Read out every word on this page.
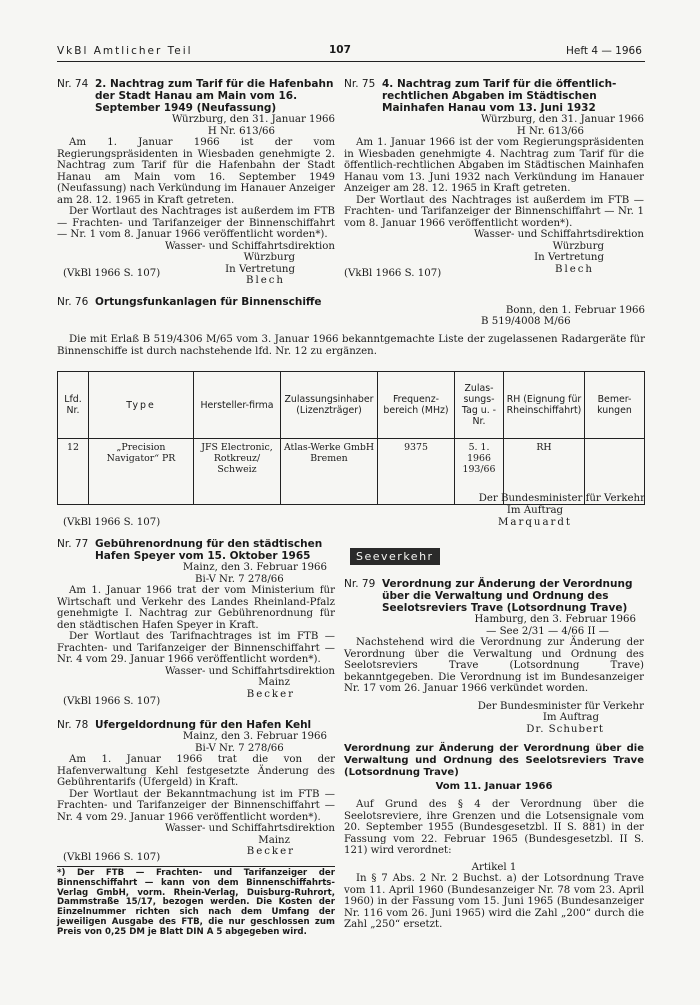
VkBl Amtlicher Teil	107	Heft 4 — 1966
Nr. 74 2. Nachtrag zum Tarif für die Hafenbahn der Stadt Hanau am Main vom 16. September 1949 (Neufassung)

Würzburg, den 31. Januar 1966

H Nr. 613/66

Am 1. Januar 1966 ist der vom Regierungspräsidenten in Wiesbaden genehmigte 2. Nachtrag zum Tarif für die Hafenbahn der Stadt Hanau am Main vom 16. September 1949 (Neufassung) nach Verkündung im Hanauer Anzeiger am 28. 12. 1965 in Kraft getreten.

Der Wortlaut des Nachtrages ist außerdem im FTB — Frachten- und Tarifanzeiger der Binnenschiffahrt — Nr. 1 vom 8. Januar 1966 veröffentlicht worden*).

Wasser- und Schiffahrtsdirektion

Würzburg

In Vertretung

Blech

(VkBl 1966 S. 107)
Nr. 75 4. Nachtrag zum Tarif für die öffentlich-rechtlichen Abgaben im Städtischen Mainhafen Hanau vom 13. Juni 1932

Würzburg, den 31. Januar 1966

H Nr. 613/66

Am 1. Januar 1966 ist der vom Regierungspräsidenten in Wiesbaden genehmigte 4. Nachtrag zum Tarif für die öffentlich-rechtlichen Abgaben im Städtischen Mainhafen Hanau vom 13. Juni 1932 nach Verkündung im Hanauer Anzeiger am 28. 12. 1965 in Kraft getreten.

Der Wortlaut des Nachtrages ist außerdem im FTB — Frachten- und Tarifanzeiger der Binnenschiffahrt — Nr. 1 vom 8. Januar 1966 veröffentlicht worden*).

Wasser- und Schiffahrtsdirektion

Würzburg

In Vertretung

Blech

(VkBl 1966 S. 107)
Nr. 76 Ortungsfunkanlagen für Binnenschiffe
Bonn, den 1. Februar 1966
B 519/4008 M/66
Die mit Erlaß B 519/4306 M/65 vom 3. Januar 1966 bekanntgemachte Liste der zugelassenen Radargeräte für Binnenschiffe ist durch nachstehende lfd. Nr. 12 zu ergänzen.
Lfd. Nr.	Type	Hersteller-firma	Zulassungsinhaber (Lizenzträger)	Frequenz-bereich (MHz)	Zulas-sungs-Tag u. -Nr.	RH (Eignung für Rheinschiffahrt)	Bemer-kungen
12	„Precision Navigator“ PR	JFS Electronic, Rotkreuz/ Schweiz	Atlas-Werke GmbH Bremen	9375	5. 1. 1966 193/66	RH	
Der Bundesminister für Verkehr
Im Auftrag
Marquardt
(VkBl 1966 S. 107)
Nr. 77 Gebührenordnung für den städtischen Hafen Speyer vom 15. Oktober 1965

Mainz, den 3. Februar 1966

Bi-V Nr. 7 278/66

Am 1. Januar 1966 trat der vom Ministerium für Wirtschaft und Verkehr des Landes Rheinland-Pfalz genehmigte I. Nachtrag zur Gebührenordnung für den städtischen Hafen Speyer in Kraft.

Der Wortlaut des Tarifnachtrages ist im FTB — Frachten- und Tarifanzeiger der Binnenschiffahrt — Nr. 4 vom 29. Januar 1966 veröffentlicht worden*).

Wasser- und Schiffahrtsdirektion

Mainz

Becker

(VkBl 1966 S. 107)
Nr. 78 Ufergeldordnung für den Hafen Kehl

Mainz, den 3. Februar 1966

Bi-V Nr. 7 278/66

Am 1. Januar 1966 trat die von der Hafenverwaltung Kehl festgesetzte Änderung des Gebührentarifs (Ufergeld) in Kraft.

Der Wortlaut der Bekanntmachung ist im FTB — Frachten- und Tarifanzeiger der Binnenschiffahrt — Nr. 4 vom 29. Januar 1966 veröffentlicht worden*).

Wasser- und Schiffahrtsdirektion

Mainz

Becker

(VkBl 1966 S. 107)
*) Der FTB — Frachten- und Tarifanzeiger der Binnenschiffahrt — kann von dem Binnenschiffahrts-Verlag GmbH, vorm. Rhein-Verlag, Duisburg-Ruhrort, Dammstraße 15/17, bezogen werden. Die Kosten der Einzelnummer richten sich nach dem Umfang der jeweiligen Ausgabe des FTB, die nur geschlossen zum Preis von 0,25 DM je Blatt DIN A 5 abgegeben wird.
Seeverkehr
Nr. 79 Verordnung zur Änderung der Verordnung über die Verwaltung und Ordnung des Seelotsreviers Trave (Lotsordnung Trave)

Hamburg, den 3. Februar 1966

— See 2/31 — 4/66 II —

Nachstehend wird die Verordnung zur Änderung der Verordnung über die Verwaltung und Ordnung des Seelotsreviers Trave (Lotsordnung Trave) bekanntgegeben. Die Verordnung ist im Bundesanzeiger Nr. 17 vom 26. Januar 1966 verkündet worden.

Der Bundesminister für Verkehr

Im Auftrag

Dr. Schubert

Verordnung zur Änderung der Verordnung über die Verwaltung und Ordnung des Seelotsreviers Trave (Lotsordnung Trave)

Vom 11. Januar 1966

Auf Grund des § 4 der Verordnung über die Seelotsreviere, ihre Grenzen und die Lotsensignale vom 20. September 1955 (Bundesgesetzbl. II S. 881) in der Fassung vom 22. Februar 1965 (Bundesgesetzbl. II S. 121) wird verordnet:

Artikel 1

In § 7 Abs. 2 Nr. 2 Buchst. a) der Lotsordnung Trave vom 11. April 1960 (Bundesanzeiger Nr. 78 vom 23. April 1960) in der Fassung vom 15. Juni 1965 (Bundesanzeiger Nr. 116 vom 26. Juni 1965) wird die Zahl „200“ durch die Zahl „250“ ersetzt.
